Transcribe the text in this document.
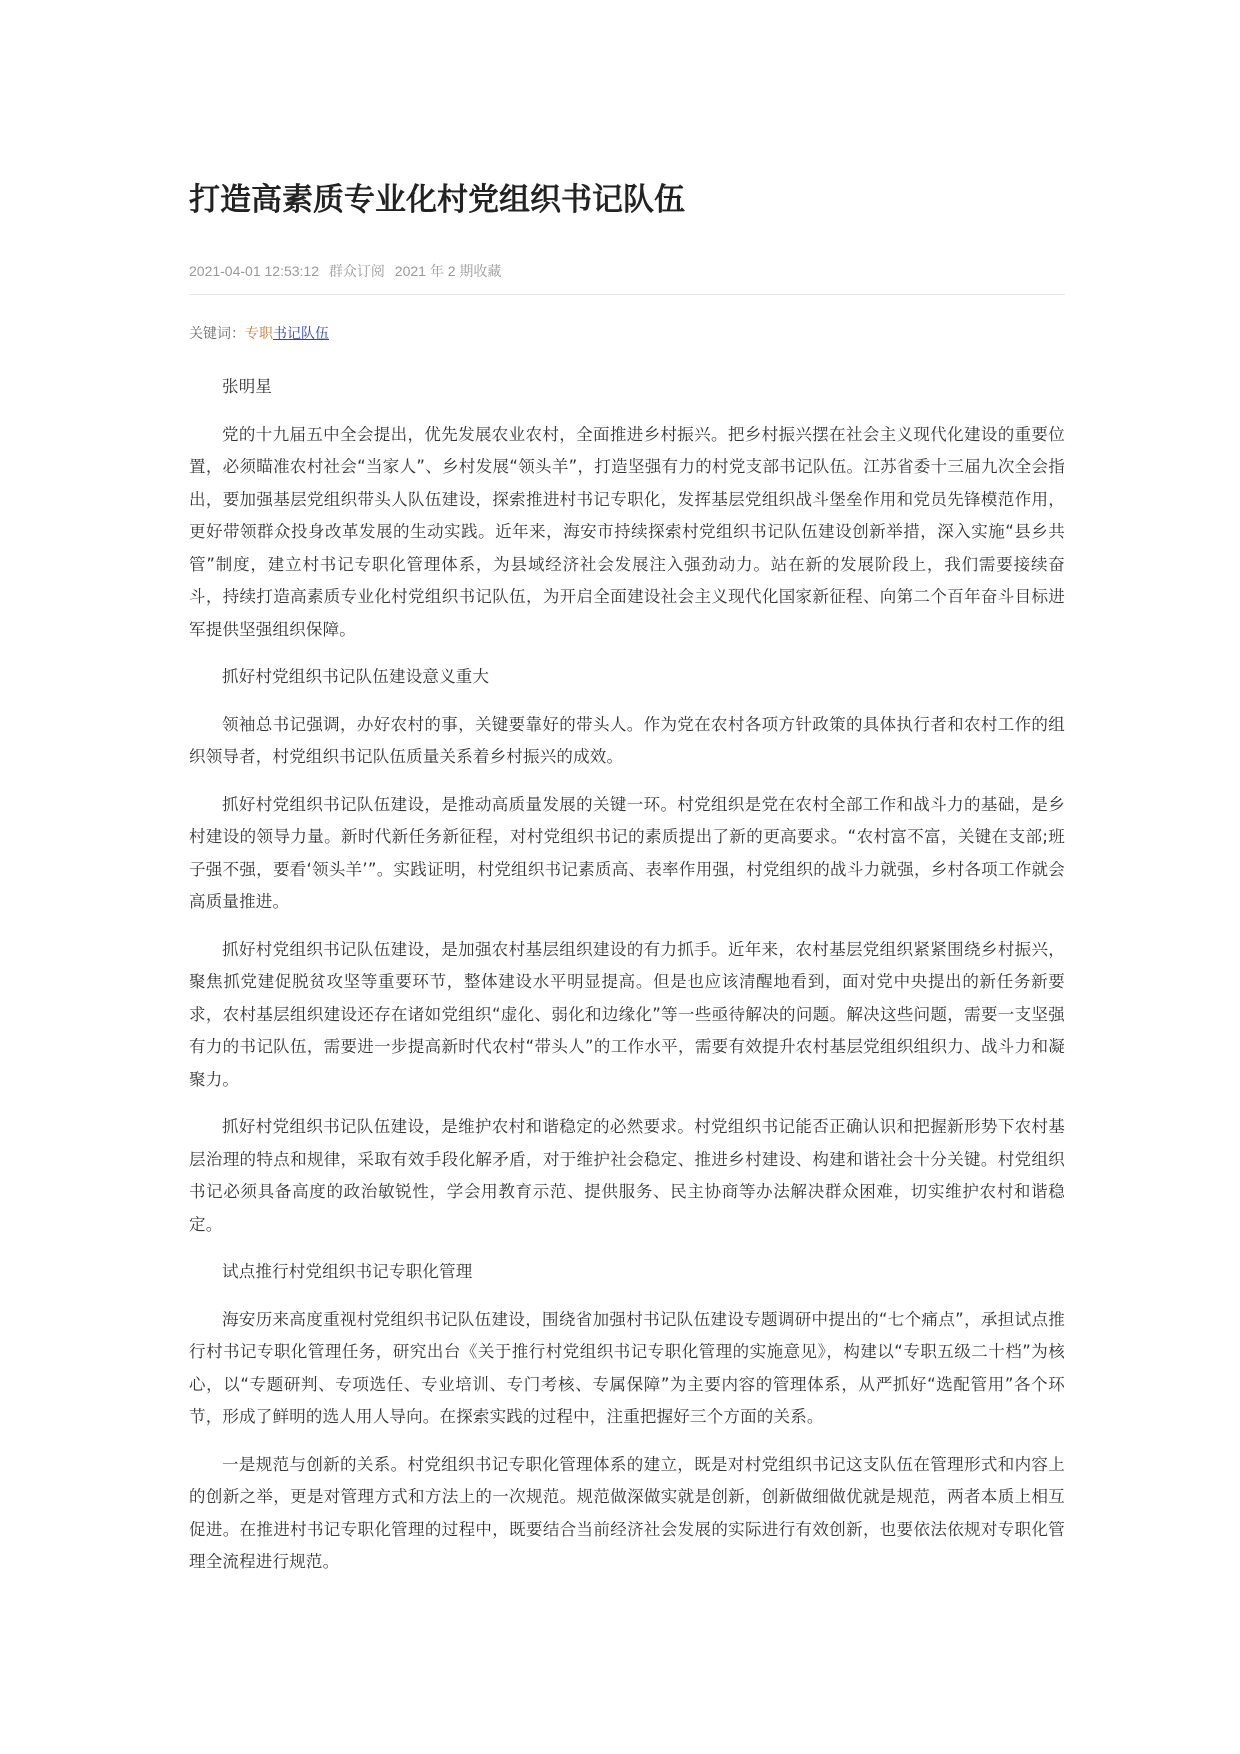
打造高素质专业化村党组织书记队伍
2021-04-01 12:53:12 群众订阅 2021 年 2 期收藏
关键词：专职书记队伍

张明星

党的十九届五中全会提出，优先发展农业农村，全面推进乡村振兴。把乡村振兴摆在社会主义现代化建设的重要位置，必须瞄准农村社会“当家人”、乡村发展“领头羊”，打造坚强有力的村党支部书记队伍。江苏省委十三届九次全会指出，要加强基层党组织带头人队伍建设，探索推进村书记专职化，发挥基层党组织战斗堡垒作用和党员先锋模范作用，更好带领群众投身改革发展的生动实践。近年来，海安市持续探索村党组织书记队伍建设创新举措，深入实施“县乡共管”制度，建立村书记专职化管理体系，为县域经济社会发展注入强劲动力。站在新的发展阶段上，我们需要接续奋斗，持续打造高素质专业化村党组织书记队伍，为开启全面建设社会主义现代化国家新征程、向第二个百年奋斗目标进军提供坚强组织保障。

抓好村党组织书记队伍建设意义重大

领袖总书记强调，办好农村的事，关键要靠好的带头人。作为党在农村各项方针政策的具体执行者和农村工作的组织领导者，村党组织书记队伍质量关系着乡村振兴的成效。

抓好村党组织书记队伍建设，是推动高质量发展的关键一环。村党组织是党在农村全部工作和战斗力的基础，是乡村建设的领导力量。新时代新任务新征程，对村党组织书记的素质提出了新的更高要求。“农村富不富，关键在支部;班子强不强，要看‘领头羊’”。实践证明，村党组织书记素质高、表率作用强，村党组织的战斗力就强，乡村各项工作就会高质量推进。

抓好村党组织书记队伍建设，是加强农村基层组织建设的有力抓手。近年来，农村基层党组织紧紧围绕乡村振兴，聚焦抓党建促脱贫攻坚等重要环节，整体建设水平明显提高。但是也应该清醒地看到，面对党中央提出的新任务新要求，农村基层组织建设还存在诸如党组织“虚化、弱化和边缘化”等一些亟待解决的问题。解决这些问题，需要一支坚强有力的书记队伍，需要进一步提高新时代农村“带头人”的工作水平，需要有效提升农村基层党组织组织力、战斗力和凝聚力。

抓好村党组织书记队伍建设，是维护农村和谐稳定的必然要求。村党组织书记能否正确认识和把握新形势下农村基层治理的特点和规律，采取有效手段化解矛盾，对于维护社会稳定、推进乡村建设、构建和谐社会十分关键。村党组织书记必须具备高度的政治敏锐性，学会用教育示范、提供服务、民主协商等办法解决群众困难，切实维护农村和谐稳定。

试点推行村党组织书记专职化管理

海安历来高度重视村党组织书记队伍建设，围绕省加强村书记队伍建设专题调研中提出的“七个痛点”，承担试点推行村书记专职化管理任务，研究出台《关于推行村党组织书记专职化管理的实施意见》，构建以“专职五级二十档”为核心，以“专题研判、专项选任、专业培训、专门考核、专属保障”为主要内容的管理体系，从严抓好“选配管用”各个环节，形成了鲜明的选人用人导向。在探索实践的过程中，注重把握好三个方面的关系。

一是规范与创新的关系。村党组织书记专职化管理体系的建立，既是对村党组织书记这支队伍在管理形式和内容上的创新之举，更是对管理方式和方法上的一次规范。规范做深做实就是创新，创新做细做优就是规范，两者本质上相互促进。在推进村书记专职化管理的过程中，既要结合当前经济社会发展的实际进行有效创新，也要依法依规对专职化管理全流程进行规范。
